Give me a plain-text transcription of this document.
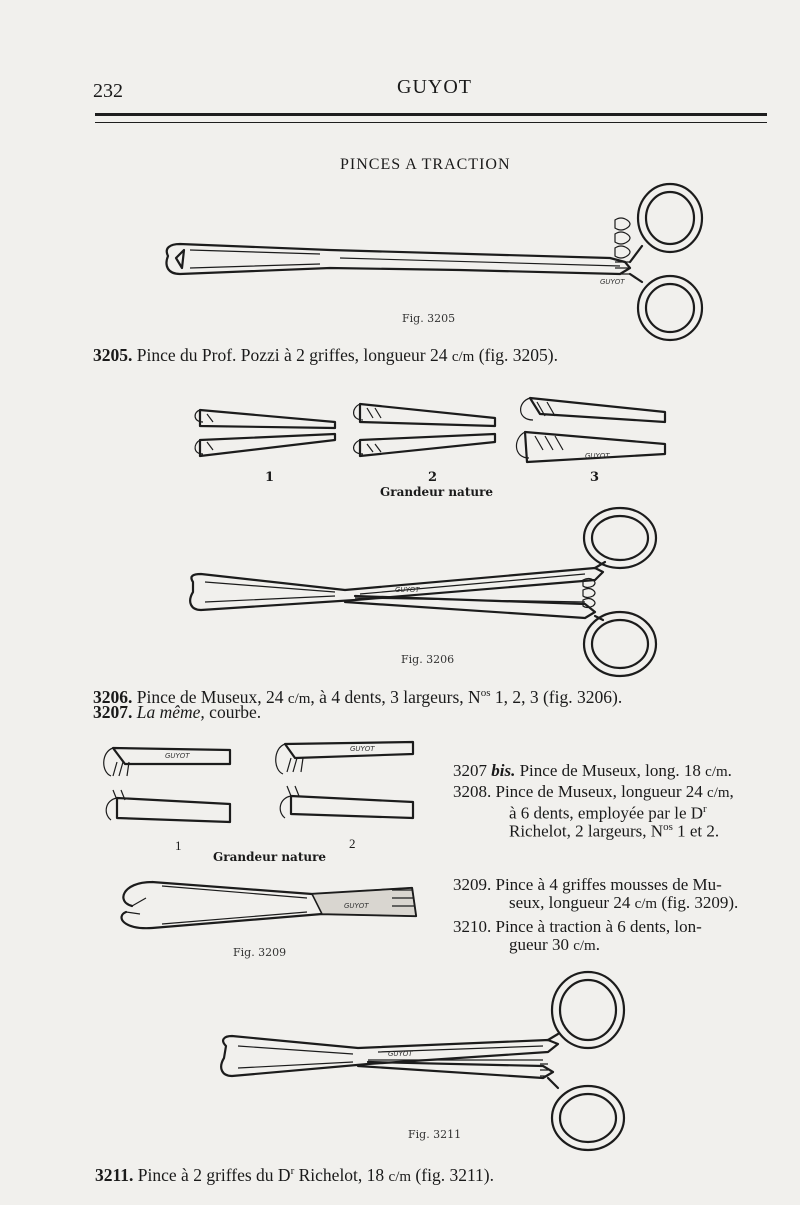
232	GUYOT
PINCES A TRACTION
GUYOT
Fig. 3205
3205. Pince du Prof. Pozzi à 2 griffes, longueur 24 c/m (fig. 3205).
GUYOT
1	2	3
Grandeur nature
GUYOT
Fig. 3206
3206. Pince de Museux, 24 c/m, à 4 dents, 3 largeurs, $N^{os}$ 1, 2, 3 (fig. 3206).
3207. La même, courbe.
GUYOT
GUYOT
1	2
Grandeur nature
GUYOT
Fig. 3209
3207 bis. Pince de Museux, long. 18 c/m.
3208. Pince de Museux, longueur 24 c/m,
à 6 dents, employée par le $D^r$
Richelot, 2 largeurs, $N^{os}$ 1 et 2.
3209. Pince à 4 griffes mousses de Mu-
seux, longueur 24 c/m (fig. 3209).
3210. Pince à traction à 6 dents, lon-
gueur 30 c/m.
GUYOT
Fig. 3211
3211. Pince à 2 griffes du $D^r$ Richelot, 18 c/m (fig. 3211).
